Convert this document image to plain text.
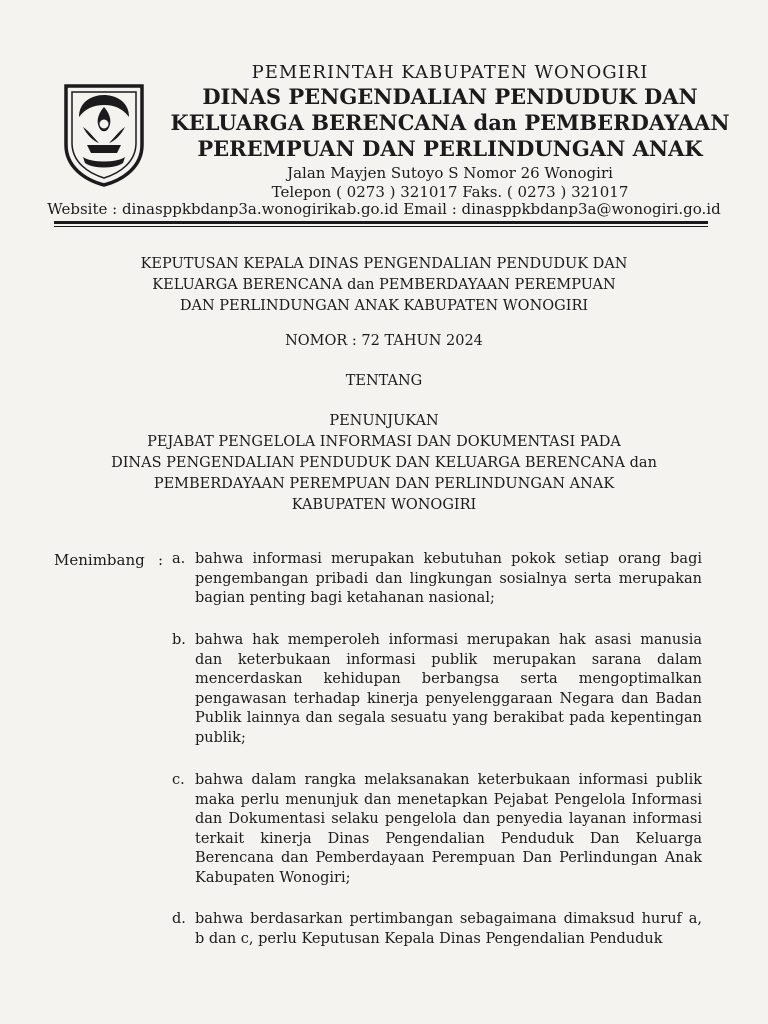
PEMERINTAH KABUPATEN WONOGIRI
DINAS PENGENDALIAN PENDUDUK DAN
KELUARGA BERENCANA dan PEMBERDAYAAN
PEREMPUAN DAN PERLINDUNGAN ANAK
Jalan Mayjen Sutoyo S Nomor 26 Wonogiri
Telepon ( 0273 ) 321017 Faks. ( 0273 ) 321017
Website : dinasppkbdanp3a.wonogirikab.go.id Email : dinasppkbdanp3a@wonogiri.go.id
KEPUTUSAN KEPALA DINAS PENGENDALIAN PENDUDUK DAN
KELUARGA BERENCANA dan PEMBERDAYAAN PEREMPUAN
DAN PERLINDUNGAN ANAK KABUPATEN WONOGIRI
NOMOR : 72 TAHUN 2024
TENTANG
PENUNJUKAN
PEJABAT PENGELOLA INFORMASI DAN DOKUMENTASI PADA
DINAS PENGENDALIAN PENDUDUK DAN KELUARGA BERENCANA dan
PEMBERDAYAAN PEREMPUAN DAN PERLINDUNGAN ANAK
KABUPATEN WONOGIRI
Menimbang : a. bahwa informasi merupakan kebutuhan pokok setiap orang bagi pengembangan pribadi dan lingkungan sosialnya serta merupakan bagian penting bagi ketahanan nasional;
b. bahwa hak memperoleh informasi merupakan hak asasi manusia dan keterbukaan informasi publik merupakan sarana dalam mencerdaskan kehidupan berbangsa serta mengoptimalkan pengawasan terhadap kinerja penyelenggaraan Negara dan Badan Publik lainnya dan segala sesuatu yang berakibat pada kepentingan publik;
c. bahwa dalam rangka melaksanakan keterbukaan informasi publik maka perlu menunjuk dan menetapkan Pejabat Pengelola Informasi dan Dokumentasi selaku pengelola dan penyedia layanan informasi terkait kinerja Dinas Pengendalian Penduduk Dan Keluarga Berencana dan Pemberdayaan Perempuan Dan Perlindungan Anak Kabupaten Wonogiri;
d. bahwa berdasarkan pertimbangan sebagaimana dimaksud huruf a, b dan c, perlu Keputusan Kepala Dinas Pengendalian Penduduk
